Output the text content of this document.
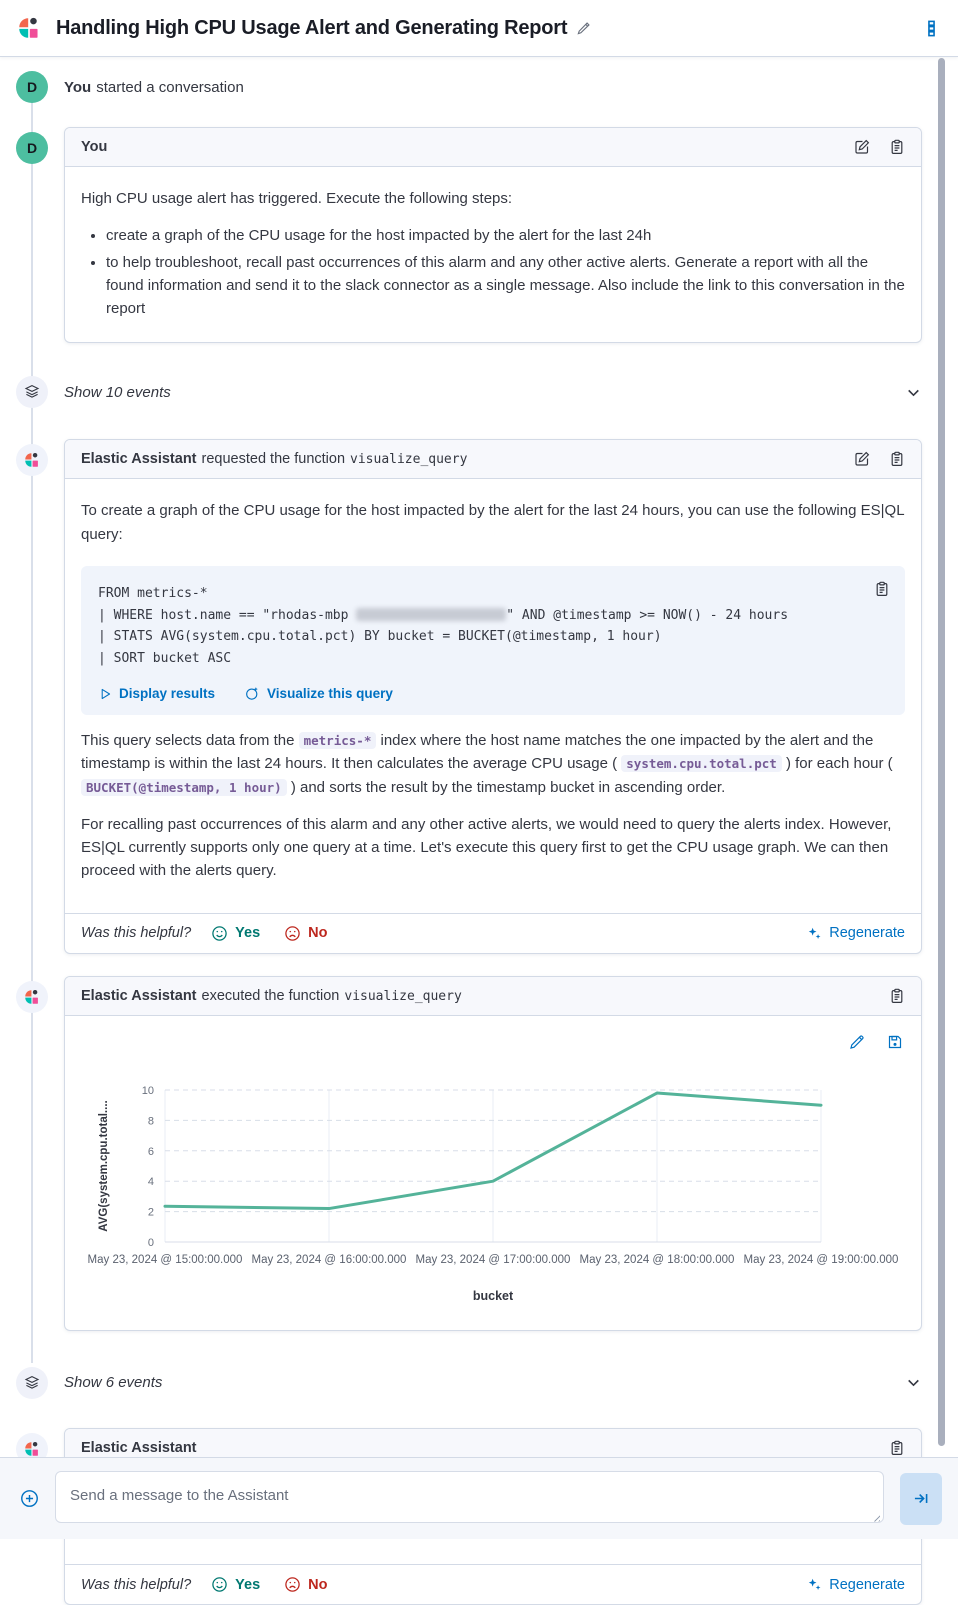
Handling High CPU Usage Alert and Generating Report
D You started a conversation
D	You

High CPU usage alert has triggered. Execute the following steps:

• create a graph of the CPU usage for the host impacted by the alert for the last 24h
• to help troubleshoot, recall past occurrences of this alarm and any other active alerts. Generate a report with all the found information and send it to the slack connector as a single message. Also include the link to this conversation in the report
Show 10 events
Elastic Assistant requested the function visualize_query

To create a graph of the CPU usage for the host impacted by the alert for the last 24 hours, you can use the following ES|QL query:

FROM metrics-*
| WHERE host.name == "rhodas-mbp	" AND @timestamp >= NOW() - 24 hours
| STATS AVG(system.cpu.total.pct) BY bucket = BUCKET(@timestamp, 1 hour)
| SORT bucket ASC
Display results	Visualize this query

This query selects data from the metrics-* index where the host name matches the one impacted by the alert and the timestamp is within the last 24 hours. It then calculates the average CPU usage ( system.cpu.total.pct ) for each hour ( BUCKET(@timestamp, 1 hour) ) and sorts the result by the timestamp bucket in ascending order.

For recalling past occurrences of this alarm and any other active alerts, we would need to query the alerts index. However, ES|QL currently supports only one query at a time. Let's execute this query first to get the CPU usage graph. We can then proceed with the alerts query.

Was this helpful?	Yes	No	Regenerate
Elastic Assistant executed the function visualize_query
0
2
4
6
8
10
May 23, 2024 @ 15:00:00.000 May 23, 2024 @ 16:00:00.000 May 23, 2024 @ 17:00:00.000 May 23, 2024 @ 18:00:00.000 May 23, 2024 @ 19:00:00.000
AVG(system.cpu.total....
bucket
Show 6 events
Elastic Assistant

Was this helpful?	Yes	No	Regenerate
Send a message to the Assistant
